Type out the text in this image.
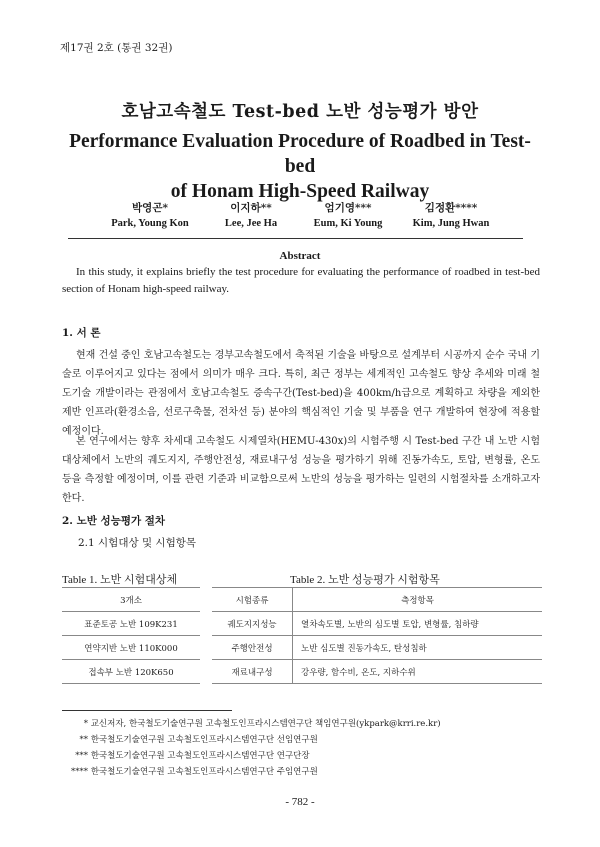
제17권 2호 (통권 32권)
호남고속철도 Test-bed 노반 성능평가 방안
Performance Evaluation Procedure of Roadbed in Test-bed
of Honam High-Speed Railway
박영곤*
Park, Young Kon
이지하**
Lee, Jee Ha
엄기영***
Eum, Ki Young
김정환****
Kim, Jung Hwan
Abstract
In this study, it explains briefly the test procedure for evaluating the performance of roadbed in test-bed section of Honam high-speed railway.
1. 서 론
현재 건설 중인 호남고속철도는 경부고속철도에서 축적된 기술을 바탕으로 설계부터 시공까지 순수 국내 기술로 이루어지고 있다는 점에서 의미가 매우 크다. 특히, 최근 정부는 세계적인 고속철도 향상 추세와 미래 철도기술 개발이라는 관점에서 호남고속철도 증속구간(Test-bed)을 400km/h급으로 계획하고 차량을 제외한 제반 인프라(환경소음, 선로구축물, 전차선 등) 분야의 핵심적인 기술 및 부품을 연구 개발하여 현장에 적용할 예정이다.
본 연구에서는 향후 차세대 고속철도 시제열차(HEMU-430x)의 시험주행 시 Test-bed 구간 내 노반 시험대상체에서 노반의 궤도지지, 주행안전성, 재료내구성 성능을 평가하기 위해 진동가속도, 토압, 변형률, 온도 등을 측정할 예정이며, 이를 관련 기준과 비교함으로써 노반의 성능을 평가하는 일련의 시험절차를 소개하고자 한다.
2. 노반 성능평가 절차
2.1 시험대상 및 시험항목
Table 1. 노반 시험대상체
3개소
표준토공 노반 109K231
연약지반 노반 110K000
접속부 노반 120K650
Table 2. 노반 성능평가 시험항목
시험종류	측정항목
궤도지지성능	열차속도별, 노반의 심도별 토압, 변형률, 침하량
주행안전성	노반 심도별 진동가속도, 탄성침하
재료내구성	강우량, 함수비, 온도, 지하수위
* 교신저자, 한국철도기술연구원 고속철도인프라시스템연구단 책임연구원(ykpark@krri.re.kr)
** 한국철도기술연구원 고속철도인프라시스템연구단 선임연구원
*** 한국철도기술연구원 고속철도인프라시스템연구단 연구단장
**** 한국철도기술연구원 고속철도인프라시스템연구단 주임연구원
- 782 -
